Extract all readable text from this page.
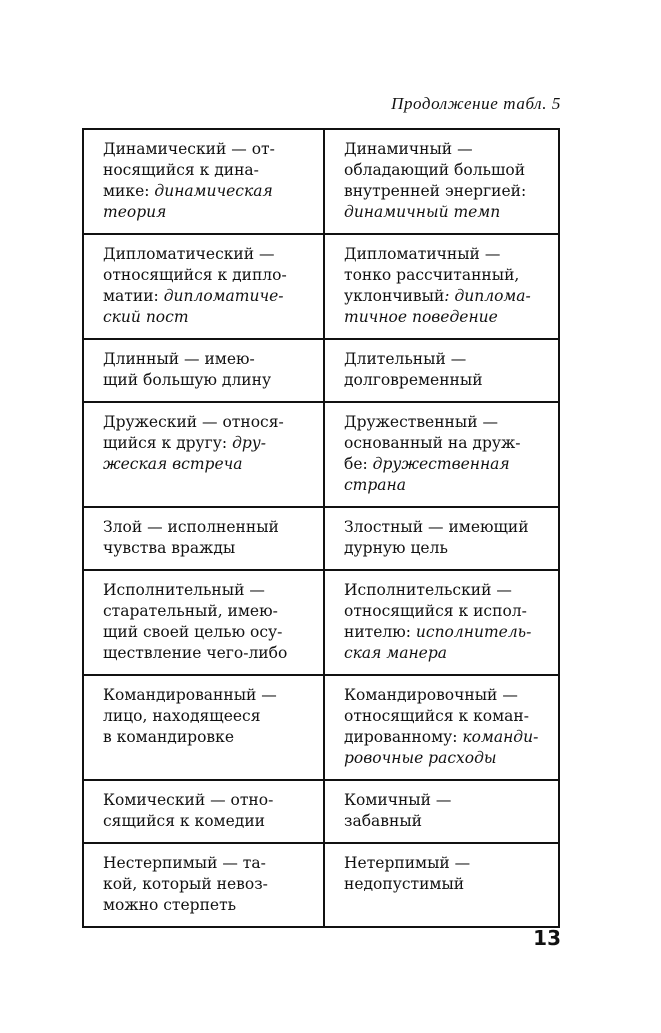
Продолжение табл. 5
Динамический — от-
носящийся к дина-
мике: динамическая
теория	Динамичный —
обладающий большой
внутренней энергией:
динамичный темп

Дипломатический —
относящийся к дипло-
матии: дипломатиче-
ский пост	Дипломатичный —
тонко рассчитанный,
уклончивый: диплома-
тичное поведение

Длинный — имею-
щий большую длину	Длительный —
долговременный

Дружеский — относя-
щийся к другу: дру-
жеская встреча	Дружественный —
основанный на друж-
бе: дружественная
страна

Злой — исполненный
чувства вражды	Злостный — имеющий
дурную цель

Исполнительный —
старательный, имею-
щий своей целью осу-
ществление чего-либо	Исполнительский —
относящийся к испол-
нителю: исполнитель-
ская манера

Командированный —
лицо, находящееся
в командировке	Командировочный —
относящийся к коман-
дированному: команди-
ровочные расходы

Комический — отно-
сящийся к комедии	Комичный —
забавный

Нестерпимый — та-
кой, который невоз-
можно стерпеть	Нетерпимый —
недопустимый
13
